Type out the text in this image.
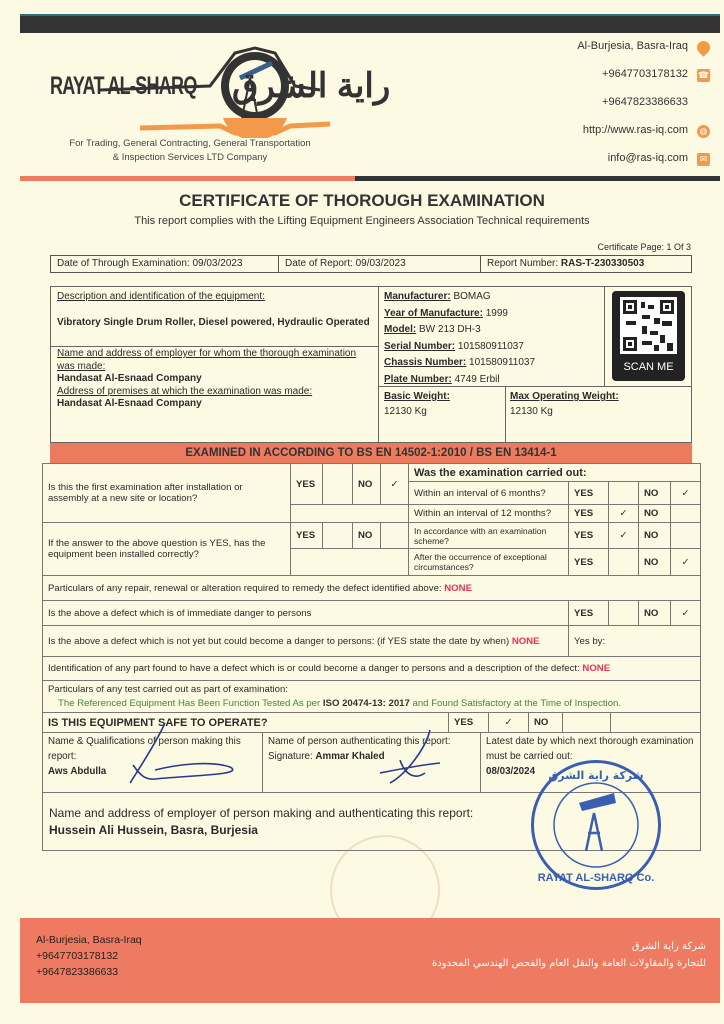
RAYAT AL-SHARQ راية الشرق
For Trading, General Contracting, General Transportation
& Inspection Services LTD Company
Al-Burjesia, Basra-Iraq
+9647703178132 ☎
+9647823386633
http://www.ras-iq.com ◍
info@ras-iq.com	✉
CERTIFICATE OF THOROUGH EXAMINATION
This report complies with the Lifting Equipment Engineers Association Technical requirements
Certificate Page: 1 Of 3
Date of Through Examination: 09/03/2023	Date of Report: 09/03/2023	Report Number: RAS-T-230330503
Description and identification of the equipment:

Vibratory Single Drum Roller, Diesel powered, Hydraulic Operated
Name and address of employer for whom the thorough examination was made:
Handasat Al-Esnaad Company
Address of premises at which the examination was made:
Handasat Al-Esnaad Company
Manufacturer: BOMAG
Year of Manufacture: 1999
Model: BW 213 DH-3
Serial Number: 101580911037
Chassis Number: 101580911037
Plate Number: 4749 Erbil
SCAN ME
Basic Weight:
12130 Kg
Max Operating Weight:
12130 Kg
EXAMINED IN ACCORDING TO BS EN 14502-1:2010 / BS EN 13414-1
Is this the first examination after installation or assembly at a new site or location?	YES		NO	✓	Was the examination carried out:				
					Within an interval of 6 months?	YES		NO	✓
					Within an interval of 12 months?	YES	✓	NO	
If the answer to the above question is YES, has the equipment been installed correctly?	YES		NO		In accordance with an examination scheme?	YES	✓	NO	
					After the occurrence of exceptional circumstances?	YES		NO	✓
Particulars of any repair, renewal or alteration required to remedy the defect identified above: NONE									
Is the above a defect which is of immediate danger to persons						YES		NO	✓
Is the above a defect which is not yet but could become a danger to persons: (if YES state the date by when) NONE						Yes by:			
Identification of any part found to have a defect which is or could become a danger to persons and a description of the defect: NONE									

Particulars of any test carried out as part of examination:
The Referenced Equipment Has Been Function Tested As per ISO 20474-13: 2017 and Found Satisfactory at the Time of Inspection.									
IS THIS EQUIPMENT SAFE TO OPERATE?	YES	✓	NO		
Name & Qualifications of person making this report:
Aws Abdulla	
Name of person authenticating this report:
Signature: Ammar Khaled	
Latest date by which next thorough examination must be carried out:
08/03/2024

Name and address of employer of person making and authenticating this report:
Hussein Ali Hussein, Basra, Burjesia
RAYAT AL-SHARQ Co.
شركة راية الشرق
Al-Burjesia, Basra-Iraq
+9647703178132
+9647823386633
شركة راية الشرق
للتجارة والمقاولات العامة والنقل العام والفحص الهندسي المحدودة
